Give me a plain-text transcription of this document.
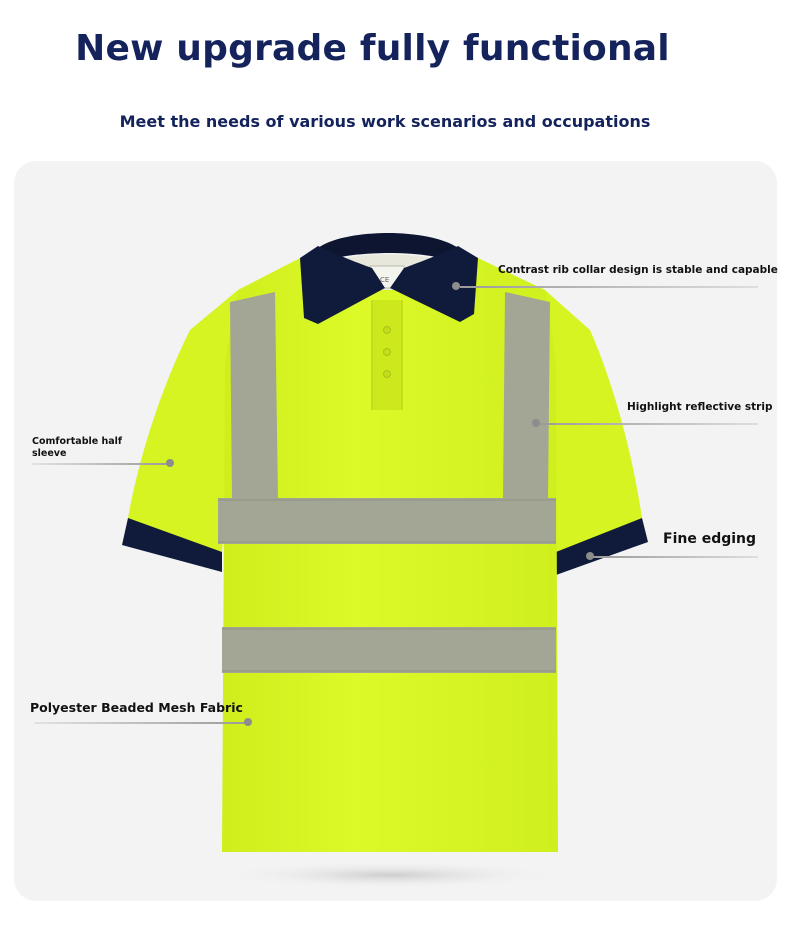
New upgrade fully functional

Meet the needs of various work scenarios and occupations

CE
Contrast rib collar design is stable and capable
Highlight reflective strip
Comfortable half
sleeve
Fine edging
Polyester Beaded Mesh Fabric
